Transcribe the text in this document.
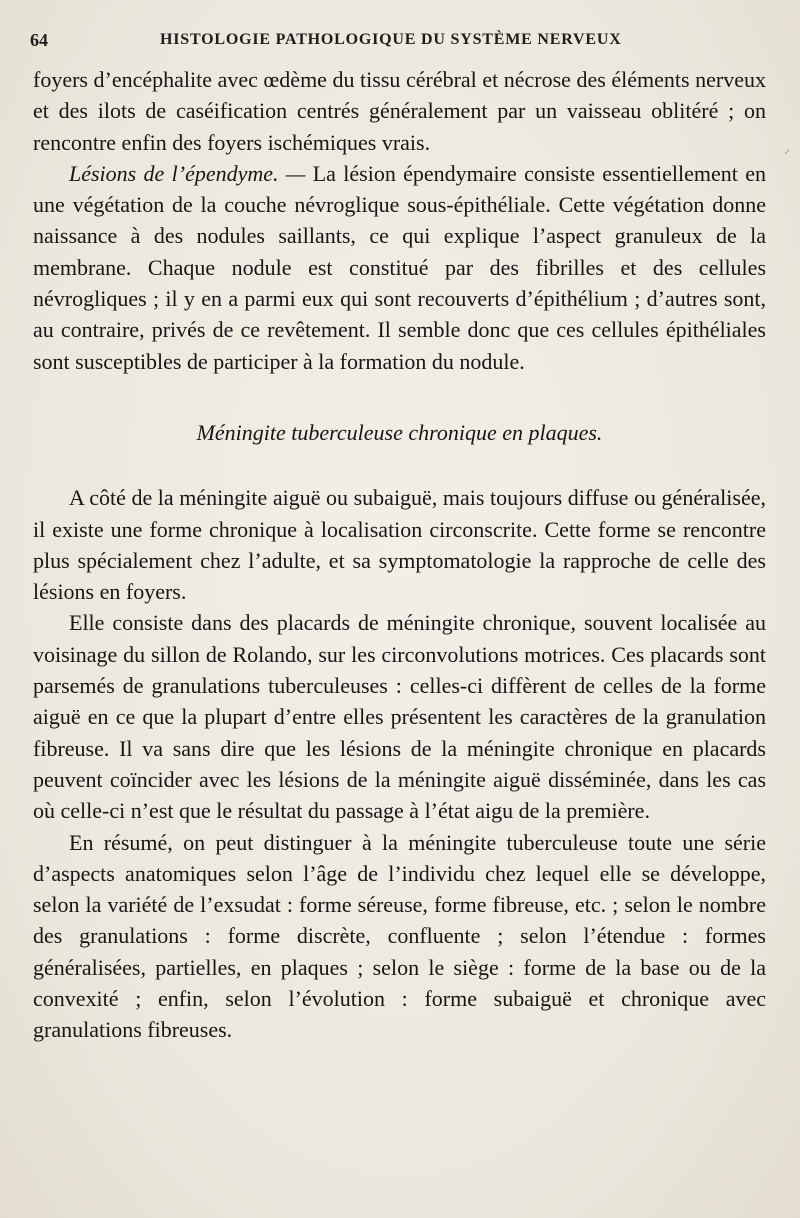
64	HISTOLOGIE PATHOLOGIQUE DU SYSTÈME NERVEUX
⸝

foyers d’encéphalite avec œdème du tissu cérébral et nécrose des éléments nerveux et des ilots de caséification centrés généralement par un vaisseau oblitéré ; on rencontre enfin des foyers ischémiques vrais.

Lésions de l’épendyme. — La lésion épendymaire consiste essentiellement en une végétation de la couche névroglique sous-épithéliale. Cette végétation donne naissance à des nodules saillants, ce qui explique l’aspect granuleux de la membrane. Chaque nodule est constitué par des fibrilles et des cellules névrogliques ; il y en a parmi eux qui sont recouverts d’épithélium ; d’autres sont, au contraire, privés de ce revêtement. Il semble donc que ces cellules épithéliales sont susceptibles de participer à la formation du nodule.

Méningite tuberculeuse chronique en plaques.

A côté de la méningite aiguë ou subaiguë, mais toujours diffuse ou généralisée, il existe une forme chronique à localisation circonscrite. Cette forme se rencontre plus spécialement chez l’adulte, et sa symptomatologie la rapproche de celle des lésions en foyers.

Elle consiste dans des placards de méningite chronique, souvent localisée au voisinage du sillon de Rolando, sur les circonvolutions motrices. Ces placards sont parsemés de granulations tuberculeuses : celles-ci diffèrent de celles de la forme aiguë en ce que la plupart d’entre elles présentent les caractères de la granulation fibreuse. Il va sans dire que les lésions de la méningite chronique en placards peuvent coïncider avec les lésions de la méningite aiguë disséminée, dans les cas où celle-ci n’est que le résultat du passage à l’état aigu de la première.

En résumé, on peut distinguer à la méningite tuberculeuse toute une série d’aspects anatomiques selon l’âge de l’individu chez lequel elle se développe, selon la variété de l’exsudat : forme séreuse, forme fibreuse, etc. ; selon le nombre des granulations : forme discrète, confluente ; selon l’étendue : formes généralisées, partielles, en plaques ; selon le siège : forme de la base ou de la convexité ; enfin, selon l’évolution : forme subaiguë et chronique avec granulations fibreuses.
